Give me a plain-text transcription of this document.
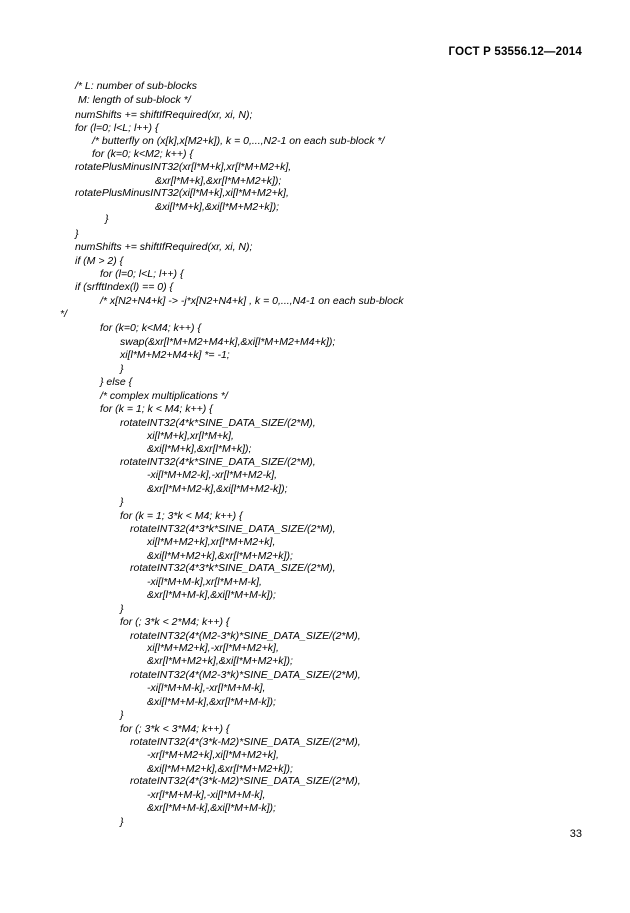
ГОСТ Р 53556.12—2014
/* L: number of sub-blocks
M: length of sub-block */
numShifts += shiftIfRequired(xr, xi, N);
for (l=0; l<L; l++) {
/* butterfly on (x[k],x[M2+k]), k = 0,...,N2-1 on each sub-block */
for (k=0; k<M2; k++) {
rotatePlusMinusINT32(xr[l*M+k],xr[l*M+M2+k],
&xr[l*M+k],&xr[l*M+M2+k]);
rotatePlusMinusINT32(xi[l*M+k],xi[l*M+M2+k],
&xi[l*M+k],&xi[l*M+M2+k]);
}
}
numShifts += shiftIfRequired(xr, xi, N);
if (M > 2) {
for (l=0; l<L; l++) {
if (srfftIndex(l) == 0) {
/* x[N2+N4+k] -> -j*x[N2+N4+k] , k = 0,...,N4-1 on each sub-block
*/
for (k=0; k<M4; k++) {
swap(&xr[l*M+M2+M4+k],&xi[l*M+M2+M4+k]);
xi[l*M+M2+M4+k] *= -1;
}
} else {
/* complex multiplications */
for (k = 1; k < M4; k++) {
rotateINT32(4*k*SINE_DATA_SIZE/(2*M),
xi[l*M+k],xr[l*M+k],
&xi[l*M+k],&xr[l*M+k]);
rotateINT32(4*k*SINE_DATA_SIZE/(2*M),
-xi[l*M+M2-k],-xr[l*M+M2-k],
&xr[l*M+M2-k],&xi[l*M+M2-k]);
}
for (k = 1; 3*k < M4; k++) {
rotateINT32(4*3*k*SINE_DATA_SIZE/(2*M),
xi[l*M+M2+k],xr[l*M+M2+k],
&xi[l*M+M2+k],&xr[l*M+M2+k]);
rotateINT32(4*3*k*SINE_DATA_SIZE/(2*M),
-xi[l*M+M-k],xr[l*M+M-k],
&xr[l*M+M-k],&xi[l*M+M-k]);
}
for (; 3*k < 2*M4; k++) {
rotateINT32(4*(M2-3*k)*SINE_DATA_SIZE/(2*M),
xi[l*M+M2+k],-xr[l*M+M2+k],
&xr[l*M+M2+k],&xi[l*M+M2+k]);
rotateINT32(4*(M2-3*k)*SINE_DATA_SIZE/(2*M),
-xi[l*M+M-k],-xr[l*M+M-k],
&xi[l*M+M-k],&xr[l*M+M-k]);
}
for (; 3*k < 3*M4; k++) {
rotateINT32(4*(3*k-M2)*SINE_DATA_SIZE/(2*M),
-xr[l*M+M2+k],xi[l*M+M2+k],
&xi[l*M+M2+k],&xr[l*M+M2+k]);
rotateINT32(4*(3*k-M2)*SINE_DATA_SIZE/(2*M),
-xr[l*M+M-k],-xi[l*M+M-k],
&xr[l*M+M-k],&xi[l*M+M-k]);
}
33
